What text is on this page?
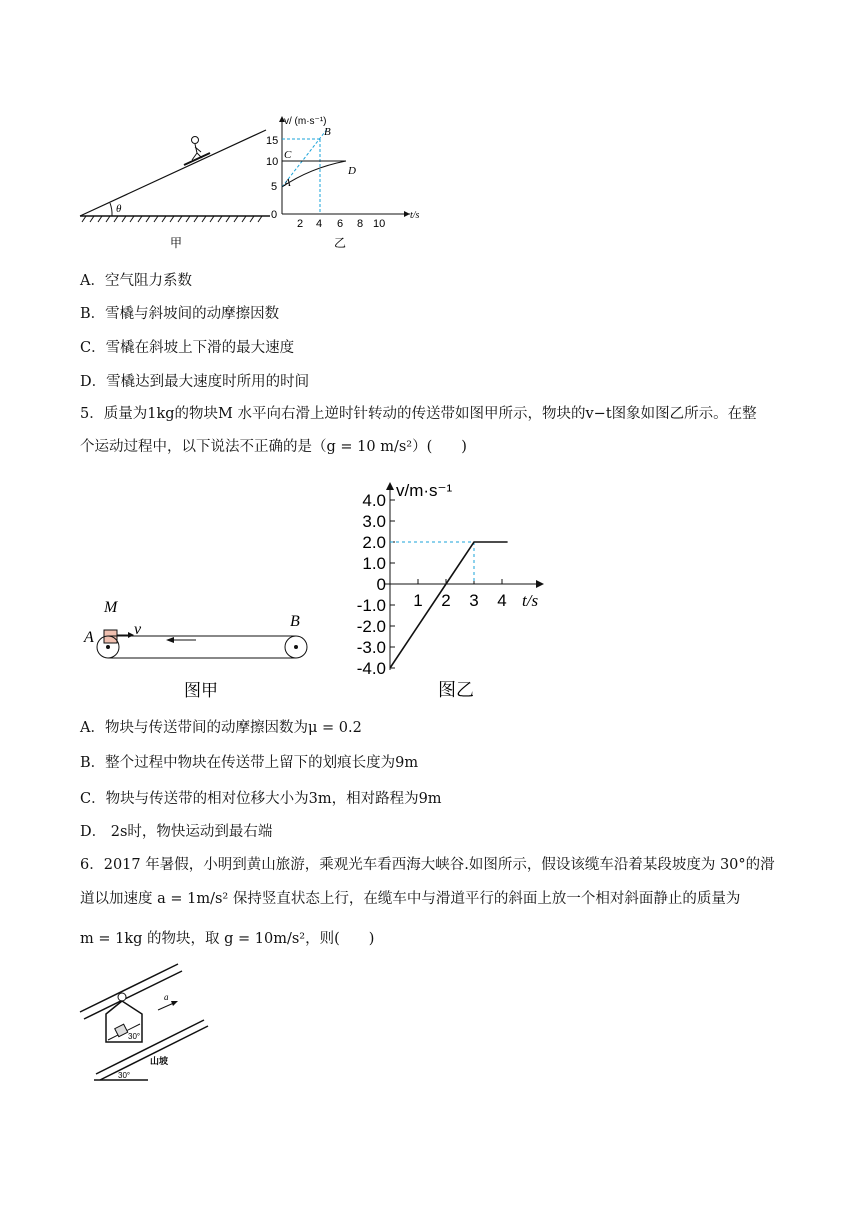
θ
甲
v/ (m·s⁻¹)
t/s
15
10
5
0
2 4 6 8 10
A
B
C
D
乙
A．空气阻力系数
B．雪橇与斜坡间的动摩擦因数
C．雪橇在斜坡上下滑的最大速度
D．雪橇达到最大速度时所用的时间
5．质量为1kg的物块M 水平向右滑上逆时针转动的传送带如图甲所示，物块的v−t图象如图乙所示。在整
个运动过程中，以下说法不正确的是（g = 10 m/s²）(　　)
M
v
A
B
图甲
v/m·s⁻¹
t/s
4.0
3.0
2.0
1.0
0
-1.0
-2.0
-3.0
-4.0
1 2 3 4
图乙
A．物块与传送带间的动摩擦因数为μ = 0.2
B．整个过程中物块在传送带上留下的划痕长度为9m
C．物块与传送带的相对位移大小为3m，相对路程为9m
D． 2s时，物快运动到最右端
6．2017 年暑假，小明到黄山旅游，乘观光车看西海大峡谷.如图所示，假设该缆车沿着某段坡度为 30°的滑
道以加速度 a = 1m/s² 保持竖直状态上行，在缆车中与滑道平行的斜面上放一个相对斜面静止的质量为
m = 1kg 的物块，取 g = 10m/s²，则(　　)
30°
a
30°
山坡
